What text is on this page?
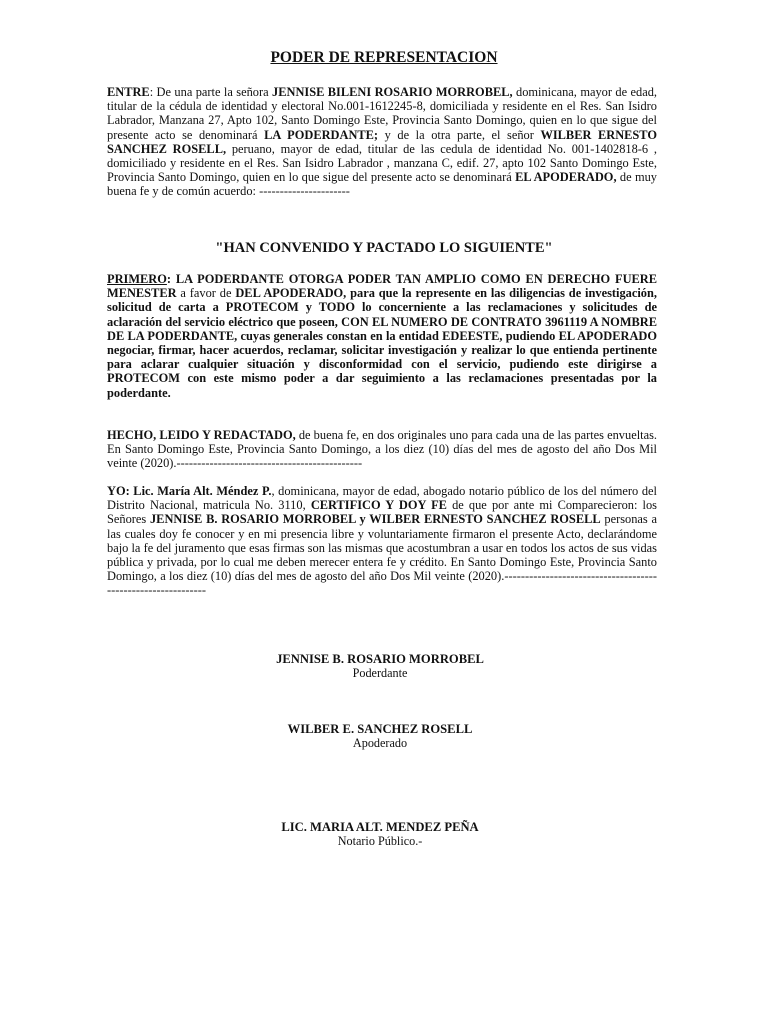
PODER DE REPRESENTACION
ENTRE: De una parte la señora JENNISE BILENI ROSARIO MORROBEL, dominicana, mayor de edad, titular de la cédula de identidad y electoral No.001-1612245-8, domiciliada y residente en el Res. San Isidro Labrador, Manzana 27, Apto 102, Santo Domingo Este, Provincia Santo Domingo, quien en lo que sigue del presente acto se denominará LA PODERDANTE; y de la otra parte, el señor WILBER ERNESTO SANCHEZ ROSELL, peruano, mayor de edad, titular de las cedula de identidad No. 001-1402818-6 , domiciliado y residente en el Res. San Isidro Labrador , manzana C, edif. 27, apto 102 Santo Domingo Este, Provincia Santo Domingo, quien en lo que sigue del presente acto se denominará EL APODERADO, de muy buena fe y de común acuerdo: ----------------------
"HAN CONVENIDO Y PACTADO LO SIGUIENTE"
PRIMERO: LA PODERDANTE OTORGA PODER TAN AMPLIO COMO EN DERECHO FUERE MENESTER a favor de DEL APODERADO, para que la represente en las diligencias de investigación, solicitud de carta a PROTECOM y TODO lo concerniente a las reclamaciones y solicitudes de aclaración del servicio eléctrico que poseen, CON EL NUMERO DE CONTRATO 3961119 A NOMBRE DE LA PODERDANTE, cuyas generales constan en la entidad EDEESTE, pudiendo EL APODERADO negociar, firmar, hacer acuerdos, reclamar, solicitar investigación y realizar lo que entienda pertinente para aclarar cualquier situación y disconformidad con el servicio, pudiendo este dirigirse a PROTECOM con este mismo poder a dar seguimiento a las reclamaciones presentadas por la poderdante.
HECHO, LEIDO Y REDACTADO, de buena fe, en dos originales uno para cada una de las partes envueltas. En Santo Domingo Este, Provincia Santo Domingo, a los diez (10) días del mes de agosto del año Dos Mil veinte (2020).---------------------------------------------
YO: Lic. María Alt. Méndez P., dominicana, mayor de edad, abogado notario público de los del número del Distrito Nacional, matricula No. 3110, CERTIFICO Y DOY FE de que por ante mi Comparecieron: los Señores JENNISE B. ROSARIO MORROBEL y WILBER ERNESTO SANCHEZ ROSELL personas a las cuales doy fe conocer y en mi presencia libre y voluntariamente firmaron el presente Acto, declarándome bajo la fe del juramento que esas firmas son las mismas que acostumbran a usar en todos los actos de sus vidas pública y privada, por lo cual me deben merecer entera fe y crédito. En Santo Domingo Este, Provincia Santo Domingo, a los diez (10) días del mes de agosto del año Dos Mil veinte (2020).-------------------------------------------------------------
JENNISE B. ROSARIO MORROBEL
Poderdante
WILBER E. SANCHEZ ROSELL
Apoderado
LIC. MARIA ALT. MENDEZ PEÑA
Notario Público.-
